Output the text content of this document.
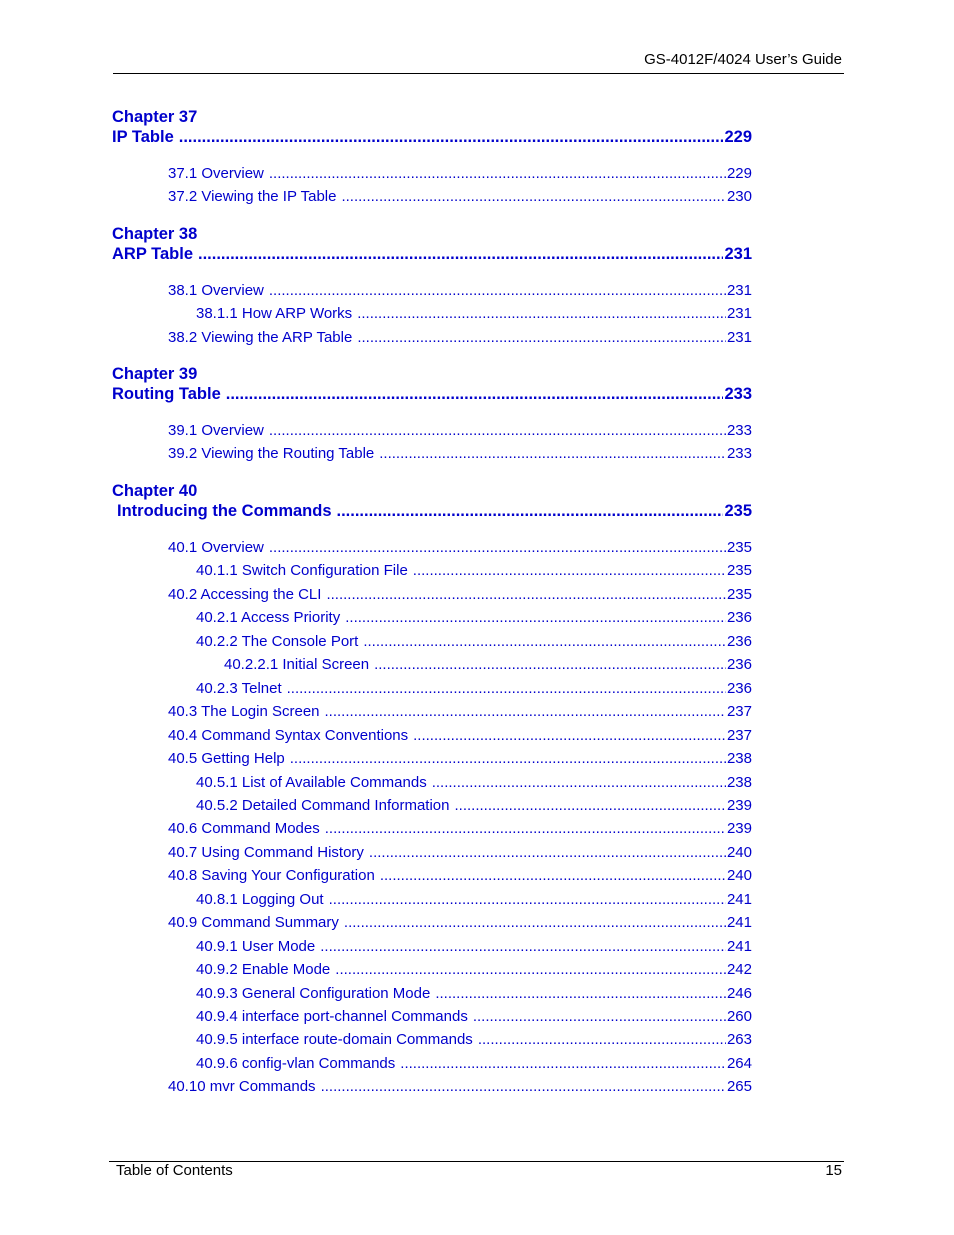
GS-4012F/4024 User’s Guide
Chapter 37
IP Table .....	229
37.1 Overview .....	229
37.2 Viewing the IP Table .....	230
Chapter 38
ARP Table .....	231
38.1 Overview .....	231
38.1.1 How ARP Works .....	231
38.2 Viewing the ARP Table .....	231
Chapter 39
Routing Table .....	233
39.1 Overview .....	233
39.2 Viewing the Routing Table .....	233
Chapter 40
Introducing the Commands .....	235
40.1 Overview .....	235
40.1.1 Switch Configuration File .....	235
40.2 Accessing the CLI .....	235
40.2.1 Access Priority .....	236
40.2.2 The Console Port .....	236
40.2.2.1 Initial Screen .....	236
40.2.3 Telnet .....	236
40.3 The Login Screen .....	237
40.4 Command Syntax Conventions .....	237
40.5 Getting Help .....	238
40.5.1 List of Available Commands .....	238
40.5.2 Detailed Command Information .....	239
40.6 Command Modes .....	239
40.7 Using Command History .....	240
40.8 Saving Your Configuration .....	240
40.8.1 Logging Out .....	241
40.9 Command Summary .....	241
40.9.1 User Mode .....	241
40.9.2 Enable Mode .....	242
40.9.3 General Configuration Mode .....	246
40.9.4 interface port-channel Commands .....	260
40.9.5 interface route-domain Commands .....	263
40.9.6 config-vlan Commands .....	264
40.10 mvr Commands .....	265
Table of Contents	15
